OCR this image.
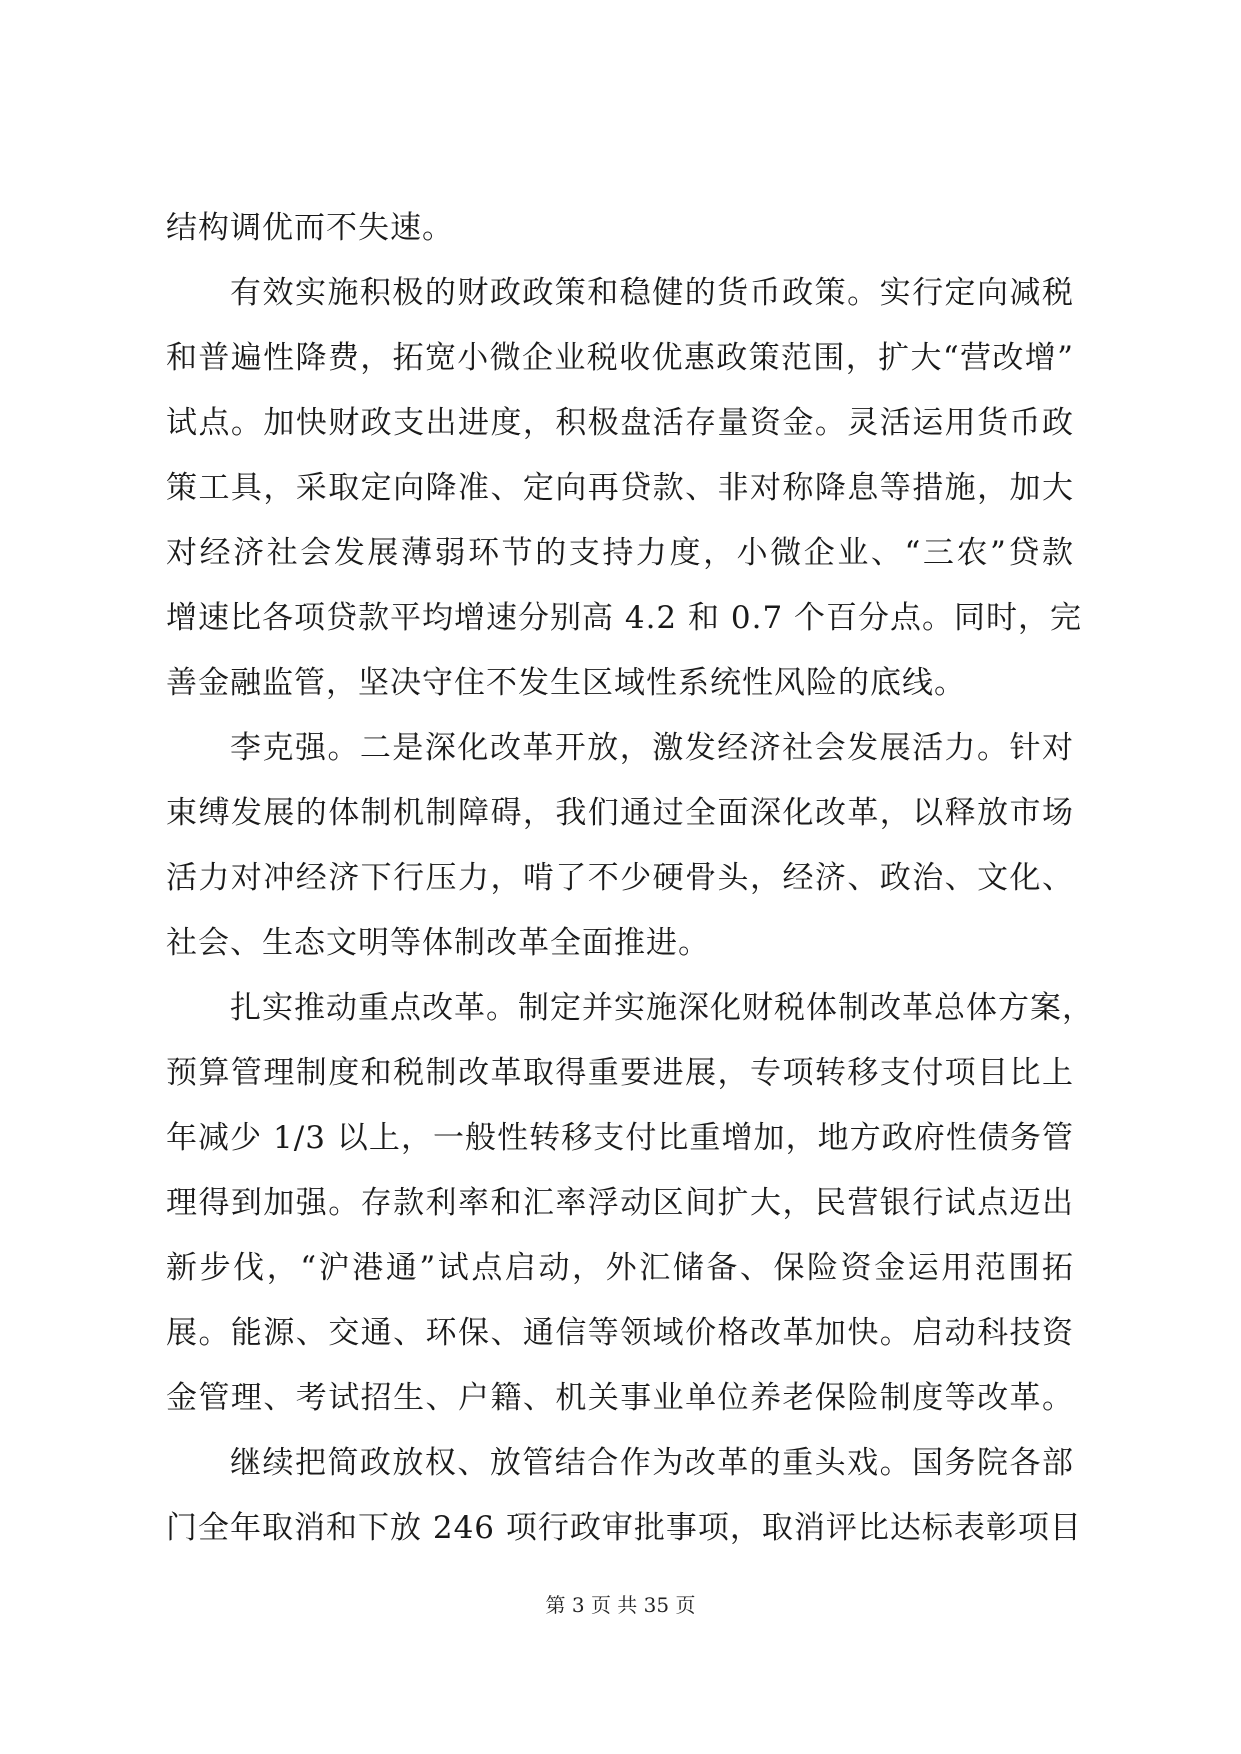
结构调优而不失速。
有效实施积极的财政政策和稳健的货币政策。实行定向减税
和普遍性降费，拓宽小微企业税收优惠政策范围，扩大“营改增”
试点。加快财政支出进度，积极盘活存量资金。灵活运用货币政
策工具，采取定向降准、定向再贷款、非对称降息等措施，加大
对经济社会发展薄弱环节的支持力度，小微企业、“三农”贷款
增速比各项贷款平均增速分别高 4.2 和 0.7 个百分点。同时，完
善金融监管，坚决守住不发生区域性系统性风险的底线。
李克强。二是深化改革开放，激发经济社会发展活力。针对
束缚发展的体制机制障碍，我们通过全面深化改革，以释放市场
活力对冲经济下行压力，啃了不少硬骨头，经济、政治、文化、
社会、生态文明等体制改革全面推进。
扎实推动重点改革。制定并实施深化财税体制改革总体方案，
预算管理制度和税制改革取得重要进展，专项转移支付项目比上
年减少 1/3 以上，一般性转移支付比重增加，地方政府性债务管
理得到加强。存款利率和汇率浮动区间扩大，民营银行试点迈出
新步伐，“沪港通”试点启动，外汇储备、保险资金运用范围拓
展。能源、交通、环保、通信等领域价格改革加快。启动科技资
金管理、考试招生、户籍、机关事业单位养老保险制度等改革。
继续把简政放权、放管结合作为改革的重头戏。国务院各部
门全年取消和下放 246 项行政审批事项，取消评比达标表彰项目
第 3 页 共 35 页
